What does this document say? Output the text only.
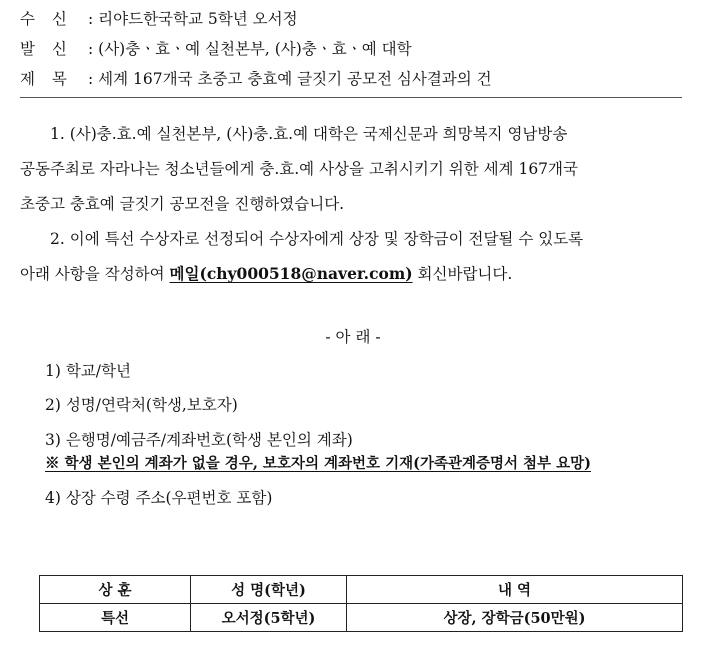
수 신 : 리야드한국학교 5학년 오서정
발 신 : (사)충ㆍ효ㆍ예 실천본부, (사)충ㆍ효ㆍ예 대학
제 목 : 세계 167개국 초중고 충효예 글짓기 공모전 심사결과의 건
1. (사)충.효.예 실천본부, (사)충.효.예 대학은 국제신문과 희망복지 영남방송
공동주최로 자라나는 청소년들에게 충.효.예 사상을 고취시키기 위한 세계 167개국
초중고 충효예 글짓기 공모전을 진행하였습니다.
2. 이에 특선 수상자로 선정되어 수상자에게 상장 및 장학금이 전달될 수 있도록
아래 사항을 작성하여 메일(chy000518@naver.com) 회신바랍니다.
- 아 래 -
1) 학교/학년
2) 성명/연락처(학생,보호자)
3) 은행명/예금주/계좌번호(학생 본인의 계좌)
※ 학생 본인의 계좌가 없을 경우, 보호자의 계좌번호 기재(가족관계증명서 첨부 요망)
4) 상장 수령 주소(우편번호 포함)
상 훈	성 명(학년)	내 역
특선	오서정(5학년)	상장, 장학금(50만원)
